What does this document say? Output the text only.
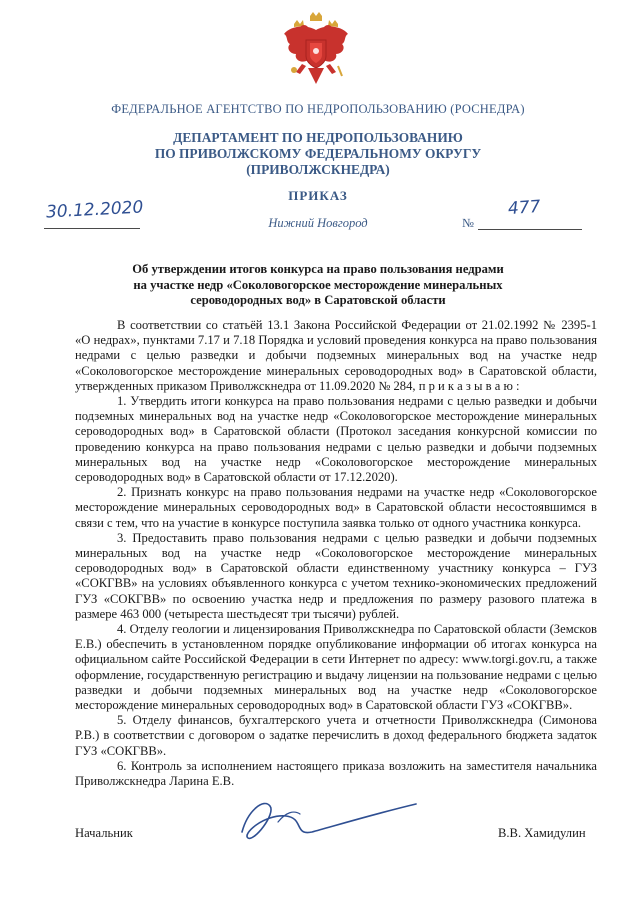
ФЕДЕРАЛЬНОЕ АГЕНТСТВО ПО НЕДРОПОЛЬЗОВАНИЮ (РОСНЕДРА)
ДЕПАРТАМЕНТ ПО НЕДРОПОЛЬЗОВАНИЮ
ПО ПРИВОЛЖСКОМУ ФЕДЕРАЛЬНОМУ ОКРУГУ
(ПРИВОЛЖСКНЕДРА)
ПРИКАЗ
30.12.2020
Нижний Новгород	№
477
Об утверждении итогов конкурса на право пользования недрами
на участке недр «Соколовогорское месторождение минеральных
сероводородных вод» в Саратовской области

В соответствии со статьёй 13.1 Закона Российской Федерации от 21.02.1992 № 2395-1 «О недрах», пунктами 7.17 и 7.18 Порядка и условий проведения конкурса на право пользования недрами с целью разведки и добычи подземных минеральных вод на участке недр «Соколовогорское месторождение минеральных сероводородных вод» в Саратовской области, утвержденных приказом Приволжскнедра от 11.09.2020 № 284, п р и к а з ы в а ю :

1. Утвердить итоги конкурса на право пользования недрами с целью разведки и добычи подземных минеральных вод на участке недр «Соколовогорское месторождение минеральных сероводородных вод» в Саратовской области (Протокол заседания конкурсной комиссии по проведению конкурса на право пользования недрами с целью разведки и добычи подземных минеральных вод на участке недр «Соколовогорское месторождение минеральных сероводородных вод» в Саратовской области от 17.12.2020).

2. Признать конкурс на право пользования недрами на участке недр «Соколовогорское месторождение минеральных сероводородных вод» в Саратовской области несостоявшимся в связи с тем, что на участие в конкурсе поступила заявка только от одного участника конкурса.

3. Предоставить право пользования недрами с целью разведки и добычи подземных минеральных вод на участке недр «Соколовогорское месторождение минеральных сероводородных вод» в Саратовской области единственному участнику конкурса – ГУЗ «СОКГВВ» на условиях объявленного конкурса с учетом технико-экономических предложений ГУЗ «СОКГВВ» по освоению участка недр и предложения по размеру разового платежа в размере 463 000 (четыреста шестьдесят три тысячи) рублей.

4. Отделу геологии и лицензирования Приволжскнедра по Саратовской области (Земсков Е.В.) обеспечить в установленном порядке опубликование информации об итогах конкурса на официальном сайте Российской Федерации в сети Интернет по адресу: www.torgi.gov.ru, а также оформление, государственную регистрацию и выдачу лицензии на пользование недрами с целью разведки и добычи подземных минеральных вод на участке недр «Соколовогорское месторождение минеральных сероводородных вод» в Саратовской области ГУЗ «СОКГВВ».

5. Отделу финансов, бухгалтерского учета и отчетности Приволжскнедра (Симонова Р.В.) в соответствии с договором о задатке перечислить в доход федерального бюджета задаток ГУЗ «СОКГВВ».

6. Контроль за исполнением настоящего приказа возложить на заместителя начальника Приволжскнедра Ларина Е.В.

Начальник	В.В. Хамидулин
